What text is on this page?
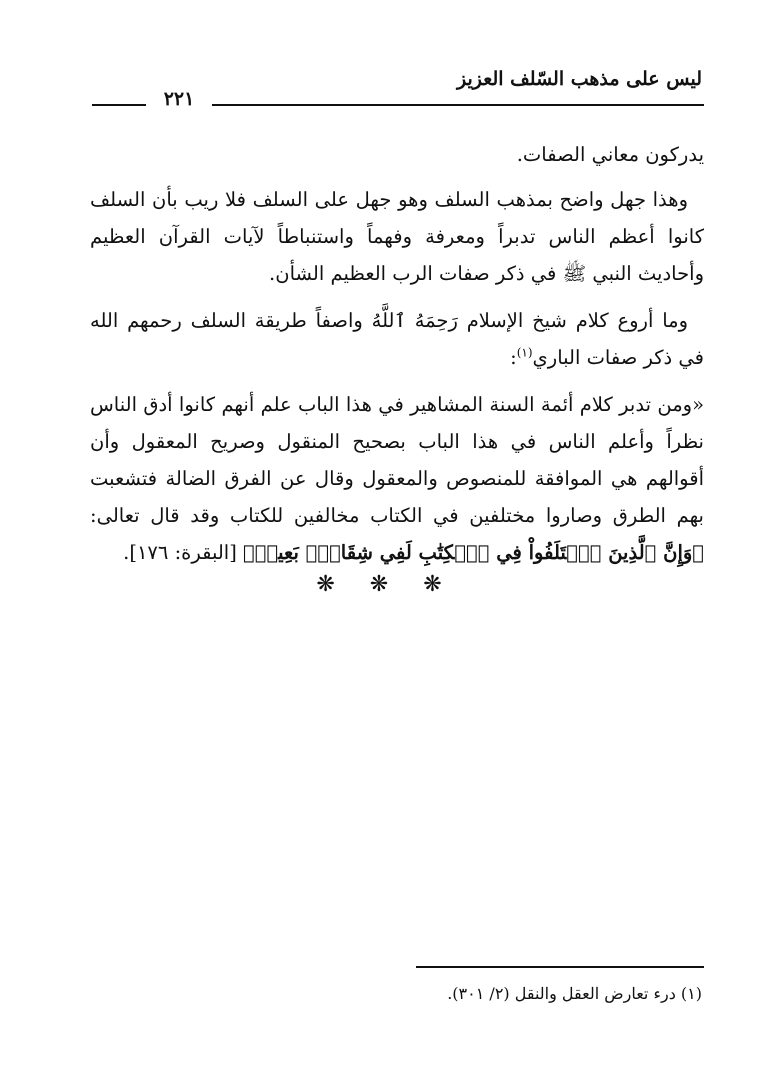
ليس على مذهب السّلف العزيز
٢٢١

يدركون معاني الصفات.

وهذا جهل واضح بمذهب السلف وهو جهل على السلف فلا ريب بأن السلف كانوا أعظم الناس تدبراً ومعرفة وفهماً واستنباطاً لآيات القرآن العظيم وأحاديث النبي ﷺ في ذكر صفات الرب العظيم الشأن.

وما أروع كلام شيخ الإسلام رَحِمَهُ ٱللَّهُ واصفاً طريقة السلف رحمهم الله في ذكر صفات الباري$^{(١)}$:

«ومن تدبر كلام أئمة السنة المشاهير في هذا الباب علم أنهم كانوا أدق الناس نظراً وأعلم الناس في هذا الباب بصحيح المنقول وصريح المعقول وأن أقوالهم هي الموافقة للمنصوص والمعقول وقال عن الفرق الضالة فتشعبت بهم الطرق وصاروا مختلفين في الكتاب مخالفين للكتاب وقد قال تعالى: ﴿وَإِنَّ ٱلَّذِينَ ٱخۡتَلَفُواْ فِي ٱلۡكِتَٰبِ لَفِي شِقَاقِۭ بَعِيدٖ﴾ [البقرة: ١٧٦].

❋ ❋ ❋
(١) درء تعارض العقل والنقل (٢/ ٣٠١).
